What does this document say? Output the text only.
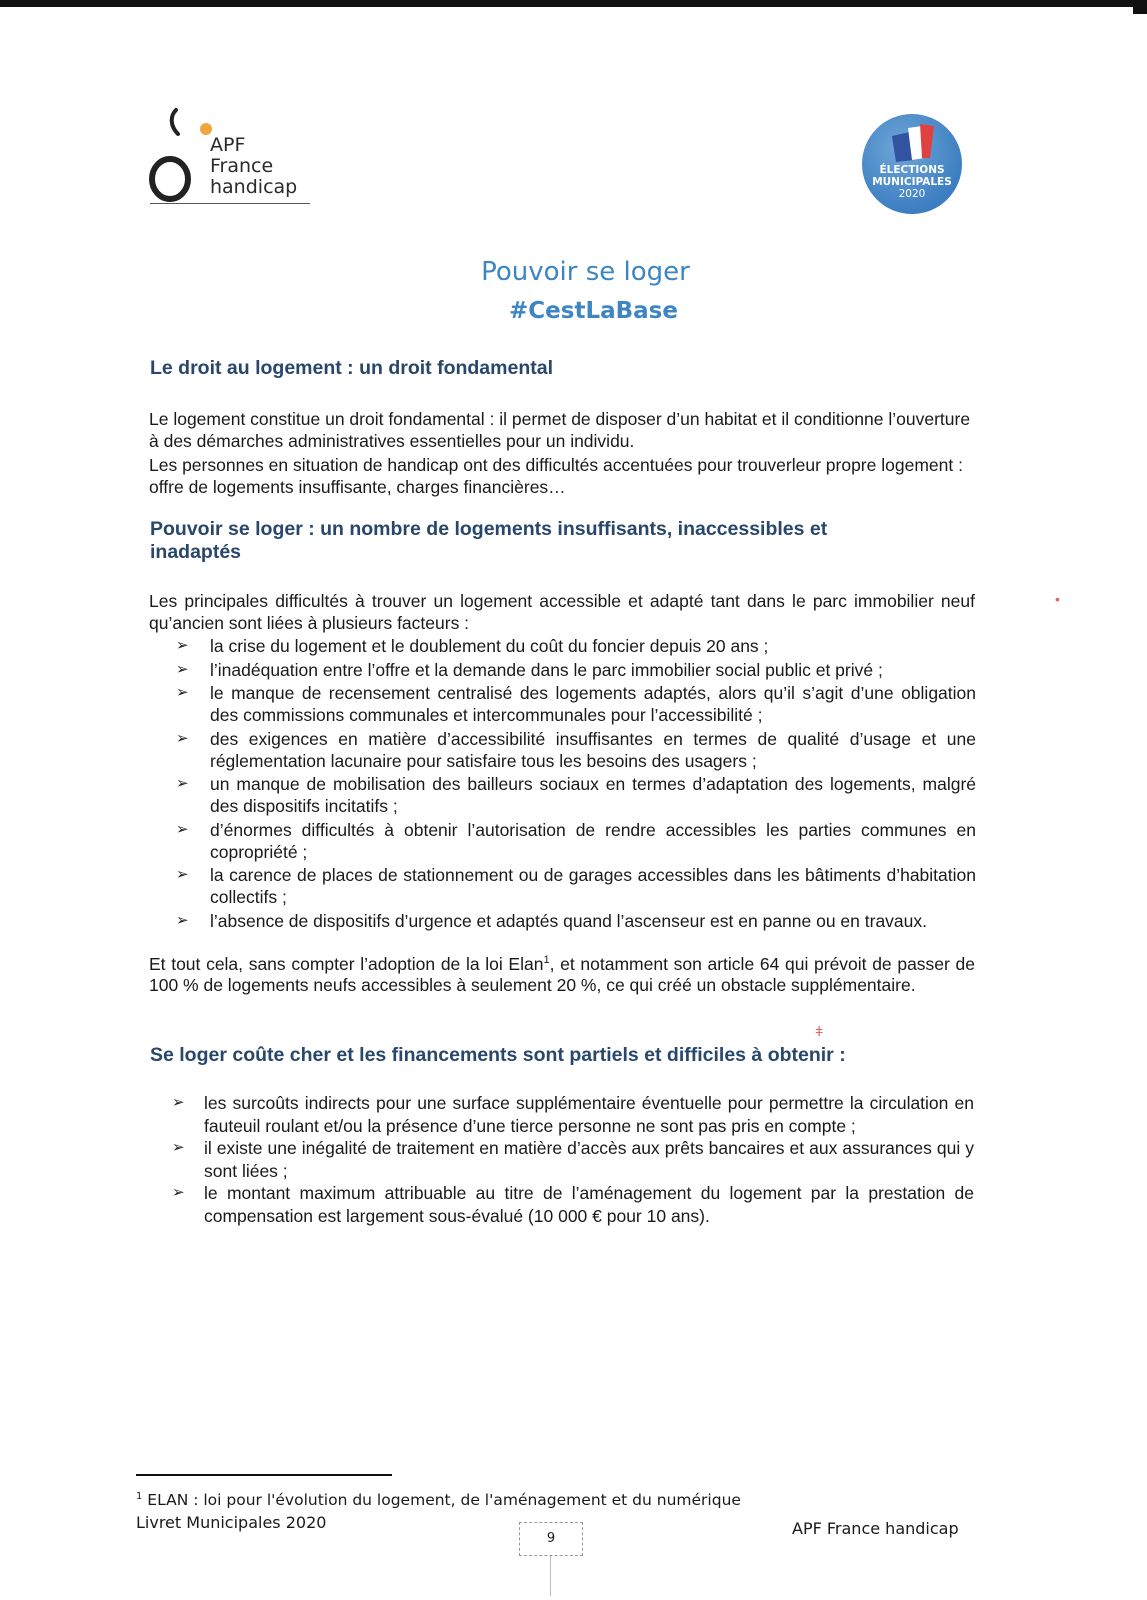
APF
France
handicap
ÉLECTIONS
MUNICIPALES
2020
Pouvoir se loger
#CestLaBase
Le droit au logement : un droit fondamental
Le logement constitue un droit fondamental : il permet de disposer d’un habitat et il conditionne l’ouverture à des démarches administratives essentielles pour un individu.
Les personnes en situation de handicap ont des difficultés accentuées pour trouverleur propre logement : offre de logements insuffisante, charges financières…
Pouvoir se loger : un nombre de logements insuffisants, inaccessibles et inadaptés
Les principales difficultés à trouver un logement accessible et adapté tant dans le parc immobilier neuf qu’ancien sont liées à plusieurs facteurs :
➢ la crise du logement et le doublement du coût du foncier depuis 20 ans ;
➢ l’inadéquation entre l’offre et la demande dans le parc immobilier social public et privé ;
➢ le manque de recensement centralisé des logements adaptés, alors qu’il s’agit d’une obligation des commissions communales et intercommunales pour l’accessibilité ;
➢ des exigences en matière d’accessibilité insuffisantes en termes de qualité d’usage et une réglementation lacunaire pour satisfaire tous les besoins des usagers ;
➢ un manque de mobilisation des bailleurs sociaux en termes d’adaptation des logements, malgré des dispositifs incitatifs ;
➢ d’énormes difficultés à obtenir l’autorisation de rendre accessibles les parties communes en copropriété ;
➢ la carence de places de stationnement ou de garages accessibles dans les bâtiments d’habitation collectifs ;
➢ l’absence de dispositifs d’urgence et adaptés quand l’ascenseur est en panne ou en travaux.
Et tout cela, sans compter l’adoption de la loi Elan$^1$, et notamment son article 64 qui prévoit de passer de 100 % de logements neufs accessibles à seulement 20 %, ce qui créé un obstacle supplémentaire.
Se loger coûte cher et les financements sont partiels et difficiles à obtenir :
➢ les surcoûts indirects pour une surface supplémentaire éventuelle pour permettre la circulation en fauteuil roulant et/ou la présence d’une tierce personne ne sont pas pris en compte ;
➢ il existe une inégalité de traitement en matière d’accès aux prêts bancaires et aux assurances qui y sont liées ;
➢ le montant maximum attribuable au titre de l’aménagement du logement par la prestation de compensation est largement sous-évalué (10 000 € pour 10 ans).
•
ǂ
$^1$ ELAN : loi pour l'évolution du logement, de l'aménagement et du numérique
Livret Municipales 2020
9
APF France handicap
